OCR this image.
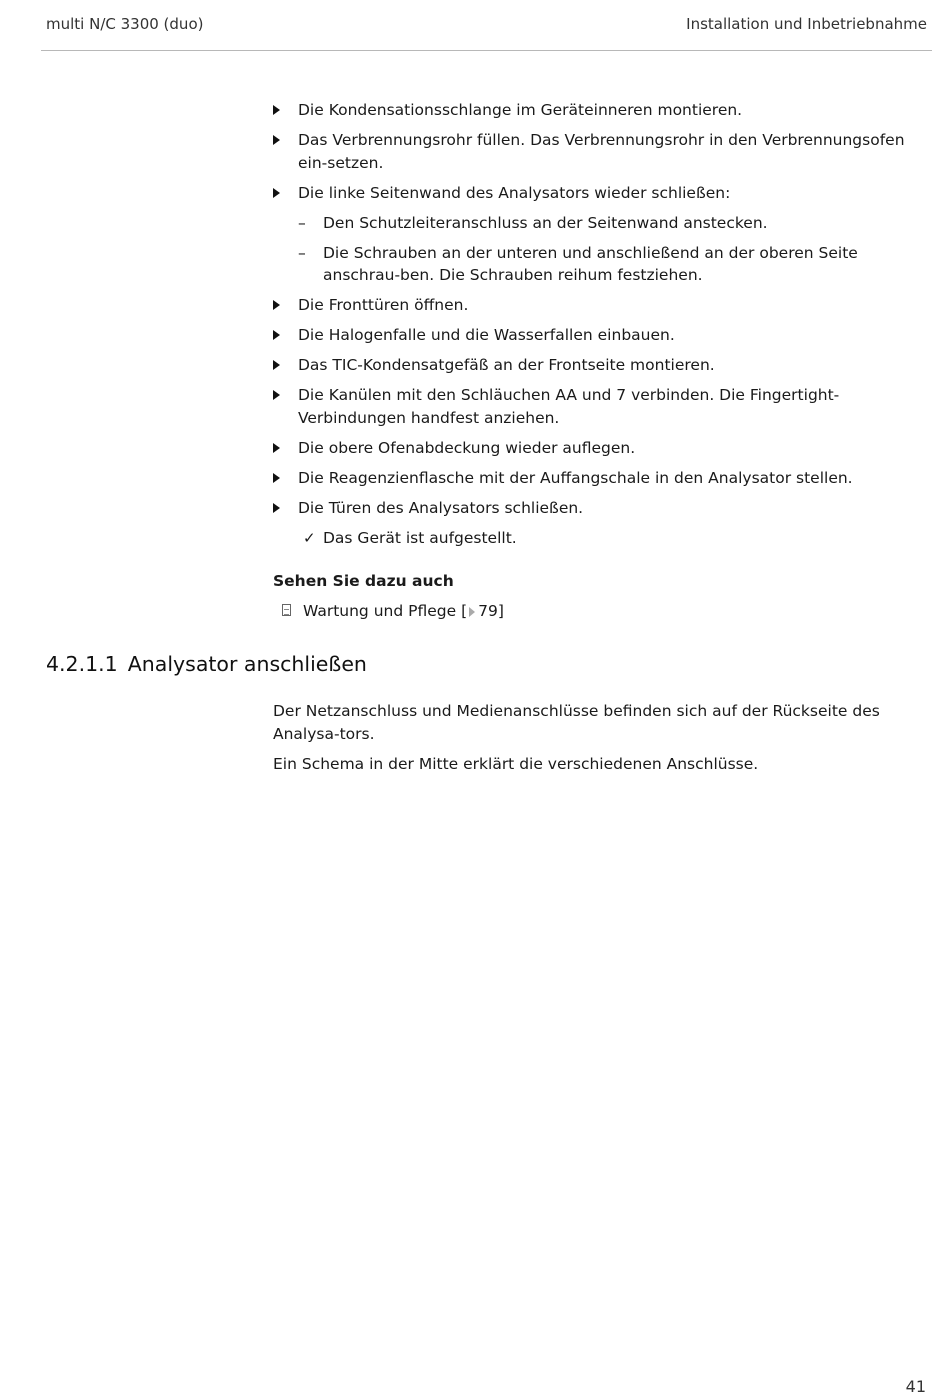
multi N/C 3300 (duo)	Installation und Inbetriebnahme
Die Kondensationsschlange im Geräteinneren montieren.
Das Verbrennungsrohr füllen. Das Verbrennungsrohr in den Verbrennungsofen ein-setzen.
Die linke Seitenwand des Analysators wieder schließen:
– Den Schutzleiteranschluss an der Seitenwand anstecken.
– Die Schrauben an der unteren und anschließend an der oberen Seite anschrau-ben. Die Schrauben reihum festziehen.
Die Fronttüren öffnen.
Die Halogenfalle und die Wasserfallen einbauen.
Das TIC-Kondensatgefäß an der Frontseite montieren.
Die Kanülen mit den Schläuchen AA und 7 verbinden. Die Fingertight-Verbindungen handfest anziehen.
Die obere Ofenabdeckung wieder auflegen.
Die Reagenzienflasche mit der Auffangschale in den Analysator stellen.
Die Türen des Analysators schließen.
✓ Das Gerät ist aufgestellt.
Sehen Sie dazu auch
Wartung und Pflege [ 79]
4.2.1.1 Analysator anschließen

Der Netzanschluss und Medienanschlüsse befinden sich auf der Rückseite des Analysa-tors.

Ein Schema in der Mitte erklärt die verschiedenen Anschlüsse.

41
